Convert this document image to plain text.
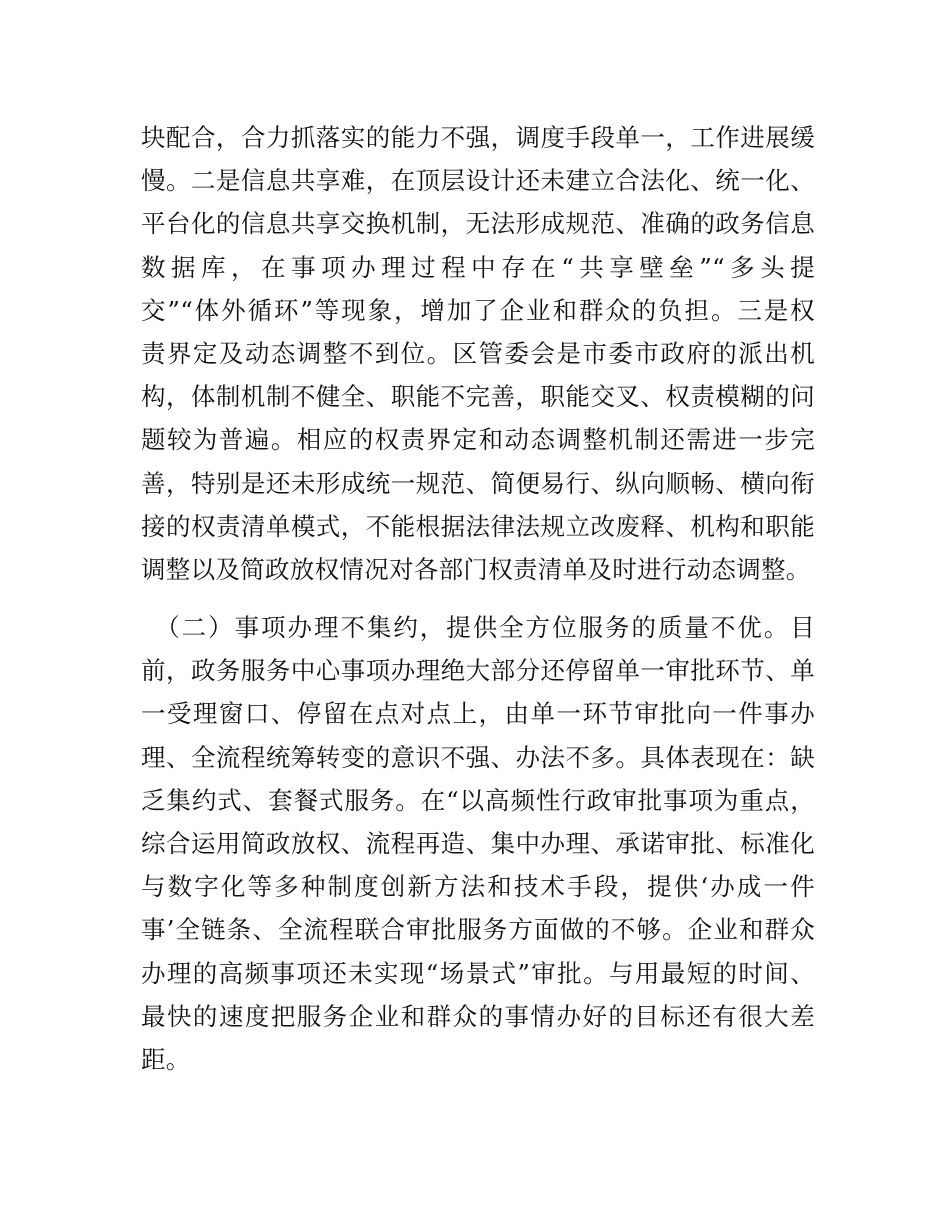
块配合，合力抓落实的能力不强，调度手段单一，工作进展缓
慢。二是信息共享难，在顶层设计还未建立合法化、统一化、
平台化的信息共享交换机制，无法形成规范、准确的政务信息
数据库，在事项办理过程中存在“共享壁垒”“多头提
交”“体外循环”等现象，增加了企业和群众的负担。三是权
责界定及动态调整不到位。区管委会是市委市政府的派出机
构，体制机制不健全、职能不完善，职能交叉、权责模糊的问
题较为普遍。相应的权责界定和动态调整机制还需进一步完
善，特别是还未形成统一规范、简便易行、纵向顺畅、横向衔
接的权责清单模式，不能根据法律法规立改废释、机构和职能
调整以及简政放权情况对各部门权责清单及时进行动态调整。
　（二）事项办理不集约，提供全方位服务的质量不优。目
前，政务服务中心事项办理绝大部分还停留单一审批环节、单
一受理窗口、停留在点对点上，由单一环节审批向一件事办
理、全流程统筹转变的意识不强、办法不多。具体表现在：缺
乏集约式、套餐式服务。在“以高频性行政审批事项为重点，
综合运用简政放权、流程再造、集中办理、承诺审批、标准化
与数字化等多种制度创新方法和技术手段，提供‘办成一件
事’全链条、全流程联合审批服务方面做的不够。企业和群众
办理的高频事项还未实现“场景式”审批。与用最短的时间、
最快的速度把服务企业和群众的事情办好的目标还有很大差
距。
